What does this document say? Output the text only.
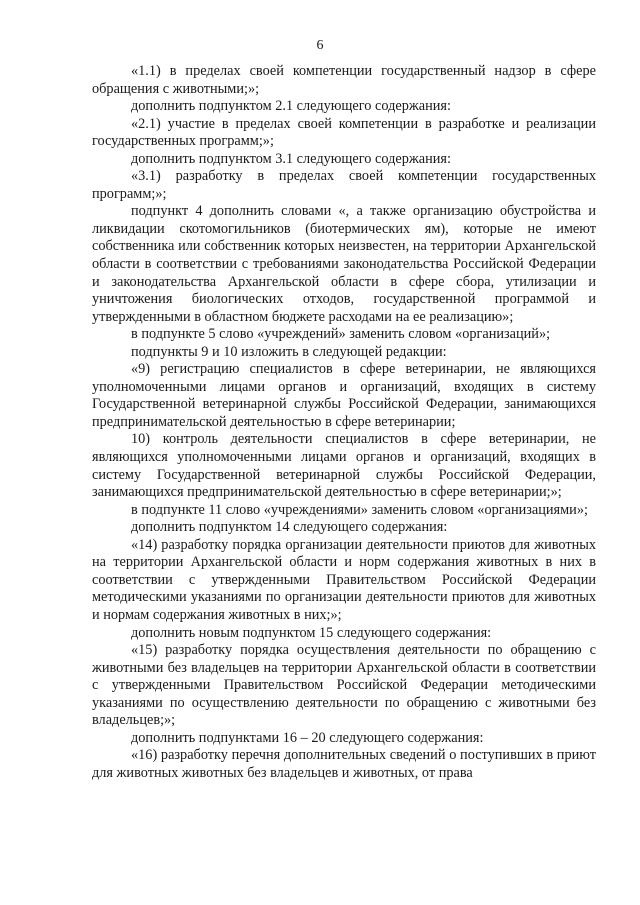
6

«1.1) в пределах своей компетенции государственный надзор в сфере обращения с животными;»;

дополнить подпунктом 2.1 следующего содержания:

«2.1) участие в пределах своей компетенции в разработке и реализации государственных программ;»;

дополнить подпунктом 3.1 следующего содержания:

«3.1) разработку в пределах своей компетенции государственных программ;»;

подпункт 4 дополнить словами «, а также организацию обустройства и ликвидации скотомогильников (биотермических ям), которые не имеют собственника или собственник которых неизвестен, на территории Архангельской области в соответствии с требованиями законодательства Российской Федерации и законодательства Архангельской области в сфере сбора, утилизации и уничтожения биологических отходов, государственной программой и утвержденными в областном бюджете расходами на ее реализацию»;

в подпункте 5 слово «учреждений» заменить словом «организаций»;

подпункты 9 и 10 изложить в следующей редакции:

«9) регистрацию специалистов в сфере ветеринарии, не являющихся уполномоченными лицами органов и организаций, входящих в систему Государственной ветеринарной службы Российской Федерации, занимающихся предпринимательской деятельностью в сфере ветеринарии;

10) контроль деятельности специалистов в сфере ветеринарии, не являющихся уполномоченными лицами органов и организаций, входящих в систему Государственной ветеринарной службы Российской Федерации, занимающихся предпринимательской деятельностью в сфере ветеринарии;»;

в подпункте 11 слово «учреждениями» заменить словом «организациями»;

дополнить подпунктом 14 следующего содержания:

«14) разработку порядка организации деятельности приютов для животных на территории Архангельской области и норм содержания животных в них в соответствии с утвержденными Правительством Российской Федерации методическими указаниями по организации деятельности приютов для животных и нормам содержания животных в них;»;

дополнить новым подпунктом 15 следующего содержания:

«15) разработку порядка осуществления деятельности по обращению с животными без владельцев на территории Архангельской области в соответствии с утвержденными Правительством Российской Федерации методическими указаниями по осуществлению деятельности по обращению с животными без владельцев;»;

дополнить подпунктами 16 – 20 следующего содержания:

«16) разработку перечня дополнительных сведений о поступивших в приют для животных животных без владельцев и животных, от права
